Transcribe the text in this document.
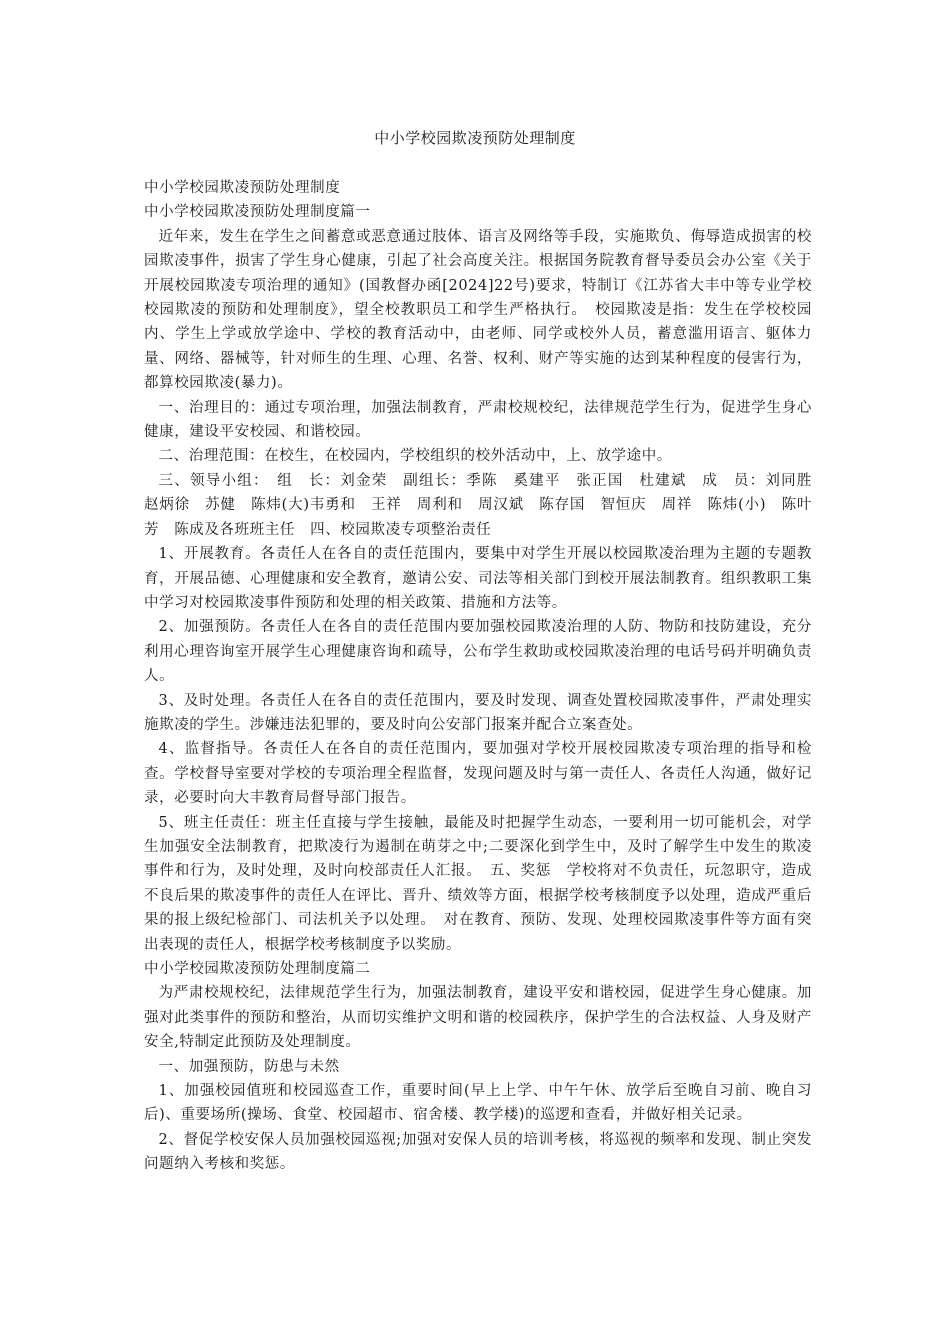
中小学校园欺凌预防处理制度

中小学校园欺凌预防处理制度

中小学校园欺凌预防处理制度篇一

近年来，发生在学生之间蓄意或恶意通过肢体、语言及网络等手段，实施欺负、侮辱造成损害的校园欺凌事件，损害了学生身心健康，引起了社会高度关注。根据国务院教育督导委员会办公室《关于开展校园欺凌专项治理的通知》(国教督办函[2024]22号)要求，特制订《江苏省大丰中等专业学校校园欺凌的预防和处理制度》，望全校教职员工和学生严格执行。　校园欺凌是指：发生在学校校园内、学生上学或放学途中、学校的教育活动中，由老师、同学或校外人员，蓄意滥用语言、躯体力量、网络、器械等，针对师生的生理、心理、名誉、权利、财产等实施的达到某种程度的侵害行为，都算校园欺凌(暴力)。

一、治理目的：通过专项治理，加强法制教育，严肃校规校纪，法律规范学生行为，促进学生身心健康，建设平安校园、和谐校园。

二、治理范围：在校生，在校园内，学校组织的校外活动中，上、放学途中。

三、领导小组：　组　长：刘金荣　副组长：季陈　奚建平　张正国　杜建斌　成　员：刘同胜　赵炳徐　苏健　陈炜(大)韦勇和　王祥　周利和　周汉斌　陈存国　智恒庆　周祥　陈炜(小)　陈叶芳　陈成及各班班主任　四、校园欺凌专项整治责任

1、开展教育。各责任人在各自的责任范围内，要集中对学生开展以校园欺凌治理为主题的专题教育，开展品德、心理健康和安全教育，邀请公安、司法等相关部门到校开展法制教育。组织教职工集中学习对校园欺凌事件预防和处理的相关政策、措施和方法等。

2、加强预防。各责任人在各自的责任范围内要加强校园欺凌治理的人防、物防和技防建设，充分利用心理咨询室开展学生心理健康咨询和疏导，公布学生救助或校园欺凌治理的电话号码并明确负责人。

3、及时处理。各责任人在各自的责任范围内，要及时发现、调查处置校园欺凌事件，严肃处理实施欺凌的学生。涉嫌违法犯罪的，要及时向公安部门报案并配合立案查处。

4、监督指导。各责任人在各自的责任范围内，要加强对学校开展校园欺凌专项治理的指导和检查。学校督导室要对学校的专项治理全程监督，发现问题及时与第一责任人、各责任人沟通，做好记录，必要时向大丰教育局督导部门报告。

5、班主任责任：班主任直接与学生接触，最能及时把握学生动态，一要利用一切可能机会，对学生加强安全法制教育，把欺凌行为遏制在萌芽之中;二要深化到学生中，及时了解学生中发生的欺凌事件和行为，及时处理，及时向校部责任人汇报。　五、奖惩　学校将对不负责任，玩忽职守，造成不良后果的欺凌事件的责任人在评比、晋升、绩效等方面，根据学校考核制度予以处理，造成严重后果的报上级纪检部门、司法机关予以处理。　对在教育、预防、发现、处理校园欺凌事件等方面有突出表现的责任人，根据学校考核制度予以奖励。

中小学校园欺凌预防处理制度篇二

为严肃校规校纪，法律规范学生行为，加强法制教育，建设平安和谐校园，促进学生身心健康。加强对此类事件的预防和整治，从而切实维护文明和谐的校园秩序，保护学生的合法权益、人身及财产安全,特制定此预防及处理制度。

一、加强预防，防患与未然

1、加强校园值班和校园巡查工作，重要时间(早上上学、中午午休、放学后至晚自习前、晚自习后)、重要场所(操场、食堂、校园超市、宿舍楼、教学楼)的巡逻和查看，并做好相关记录。

2、督促学校安保人员加强校园巡视;加强对安保人员的培训考核，将巡视的频率和发现、制止突发问题纳入考核和奖惩。
